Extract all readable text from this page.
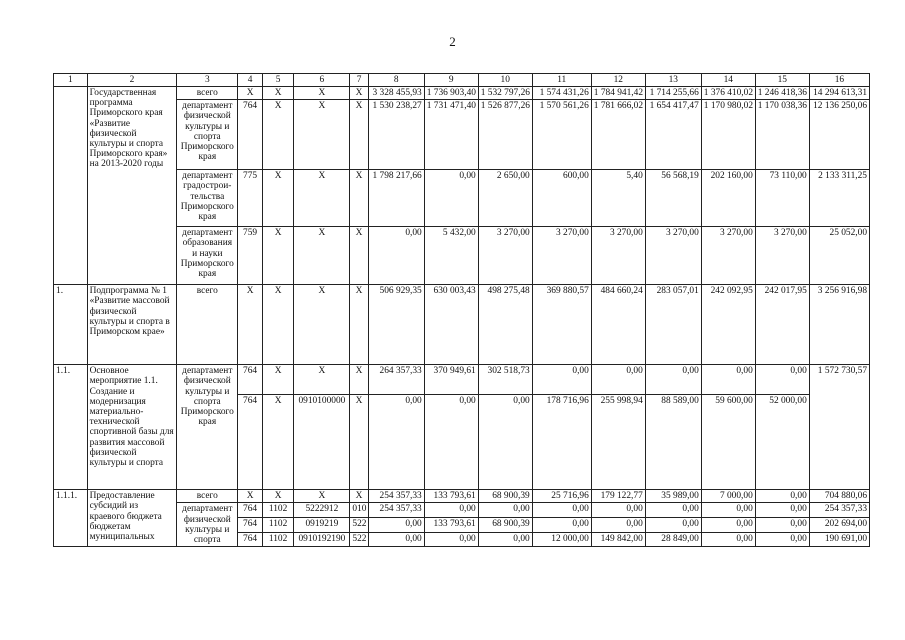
2
1	2	3	4	5	6	7	8	9	10	11	12	13	14	15	16
	Государственная программа Приморского края «Развитие физической культуры и спорта Приморского края» на 2013-2020 годы	всего	Х	Х	Х	Х	3 328 455,93	1 736 903,40	1 532 797,26	1 574 431,26	1 784 941,42	1 714 255,66	1 376 410,02	1 246 418,36	14 294 613,31
		департамент физической культуры и спорта Приморского края	764	Х	Х	Х	1 530 238,27	1 731 471,40	1 526 877,26	1 570 561,26	1 781 666,02	1 654 417,47	1 170 980,02	1 170 038,36	12 136 250,06
		департамент градострои-тельства Приморского края	775	Х	Х	Х	1 798 217,66	0,00	2 650,00	600,00	5,40	56 568,19	202 160,00	73 110,00	2 133 311,25
		департамент образования и науки Приморского края	759	Х	Х	Х	0,00	5 432,00	3 270,00	3 270,00	3 270,00	3 270,00	3 270,00	3 270,00	25 052,00
1.	Подпрограмма № 1 «Развитие массовой физической культуры и спорта в Приморском крае»	всего	Х	Х	Х	Х	506 929,35	630 003,43	498 275,48	369 880,57	484 660,24	283 057,01	242 092,95	242 017,95	3 256 916,98
1.1.	Основное мероприятие 1.1. Создание и модернизация материально-технической спортивной базы для развития массовой физической культуры и спорта	департамент физической культуры и спорта Приморского края	764	Х	Х	Х	264 357,33	370 949,61	302 518,73	0,00	0,00	0,00	0,00	0,00	1 572 730,57
			764	Х	0910100000	Х	0,00	0,00	0,00	178 716,96	255 998,94	88 589,00	59 600,00	52 000,00	
1.1.1.	Предоставление субсидий из краевого бюджета бюджетам муниципальных	всего	Х	Х	Х	Х	254 357,33	133 793,61	68 900,39	25 716,96	179 122,77	35 989,00	7 000,00	0,00	704 880,06
		департамент физической культуры и спорта	764	1102	5222912	010	254 357,33	0,00	0,00	0,00	0,00	0,00	0,00	0,00	254 357,33
			764	1102	0919219	522	0,00	133 793,61	68 900,39	0,00	0,00	0,00	0,00	0,00	202 694,00
			764	1102	0910192190	522	0,00	0,00	0,00	12 000,00	149 842,00	28 849,00	0,00	0,00	190 691,00
